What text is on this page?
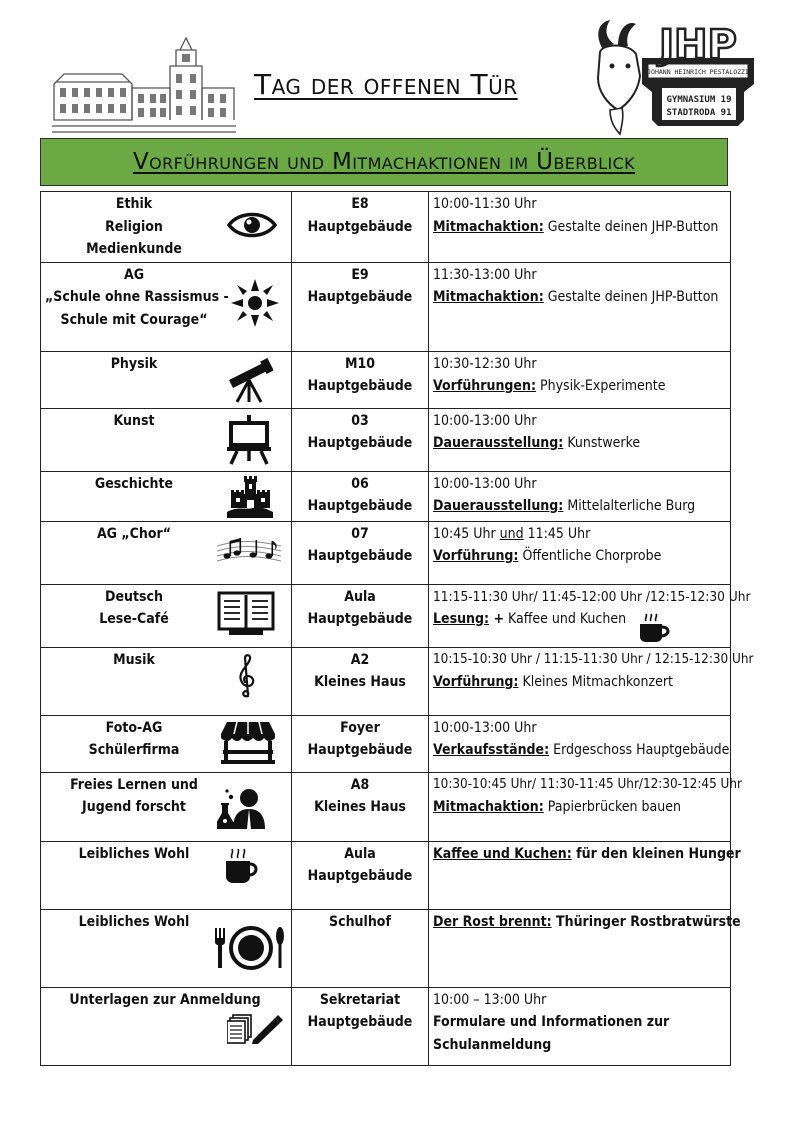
Tag der offenen Tür	JOHANN HEINRICH PESTALOZZI
JHP
GYMNASIUM 19
STADTRODA 91
Vorführungen und Mitmachaktionen im Überblick
Ethik
Religion
Medienkunde	E8
Hauptgebäude	10:00-11:30 Uhr
Mitmachaktion: Gestalte deinen JHP-Button

AG
„Schule ohne Rassismus -
Schule mit Courage“	E9
Hauptgebäude	11:30-13:00 Uhr
Mitmachaktion: Gestalte deinen JHP-Button

Physik	M10
Hauptgebäude	10:30-12:30 Uhr
Vorführungen: Physik-Experimente

Kunst	03
Hauptgebäude	10:00-13:00 Uhr
Dauerausstellung: Kunstwerke

Geschichte	06
Hauptgebäude	10:00-13:00 Uhr
Dauerausstellung: Mittelalterliche Burg

AG „Chor“	07
Hauptgebäude	10:45 Uhr und 11:45 Uhr
Vorführung: Öffentliche Chorprobe

Deutsch
Lese-Café	Aula
Hauptgebäude	11:15-11:30 Uhr/ 11:45-12:00 Uhr /12:15-12:30 Uhr
Lesung: + Kaffee und Kuchen

Musik	A2
Kleines Haus	10:15-10:30 Uhr / 11:15-11:30 Uhr / 12:15-12:30 Uhr
Vorführung: Kleines Mitmachkonzert

Foto-AG
Schülerfirma	Foyer
Hauptgebäude	10:00-13:00 Uhr
Verkaufsstände: Erdgeschoss Hauptgebäude

Freies Lernen und
Jugend forscht	A8
Kleines Haus	10:30-10:45 Uhr/ 11:30-11:45 Uhr/12:30-12:45 Uhr
Mitmachaktion: Papierbrücken bauen

Leibliches Wohl	Aula
Hauptgebäude	Kaffee und Kuchen: für den kleinen Hunger

Leibliches Wohl	Schulhof	Der Rost brennt: Thüringer Rostbratwürste

Unterlagen zur Anmeldung	Sekretariat
Hauptgebäude	10:00 – 13:00 Uhr
Formulare und Informationen zur
Schulanmeldung
